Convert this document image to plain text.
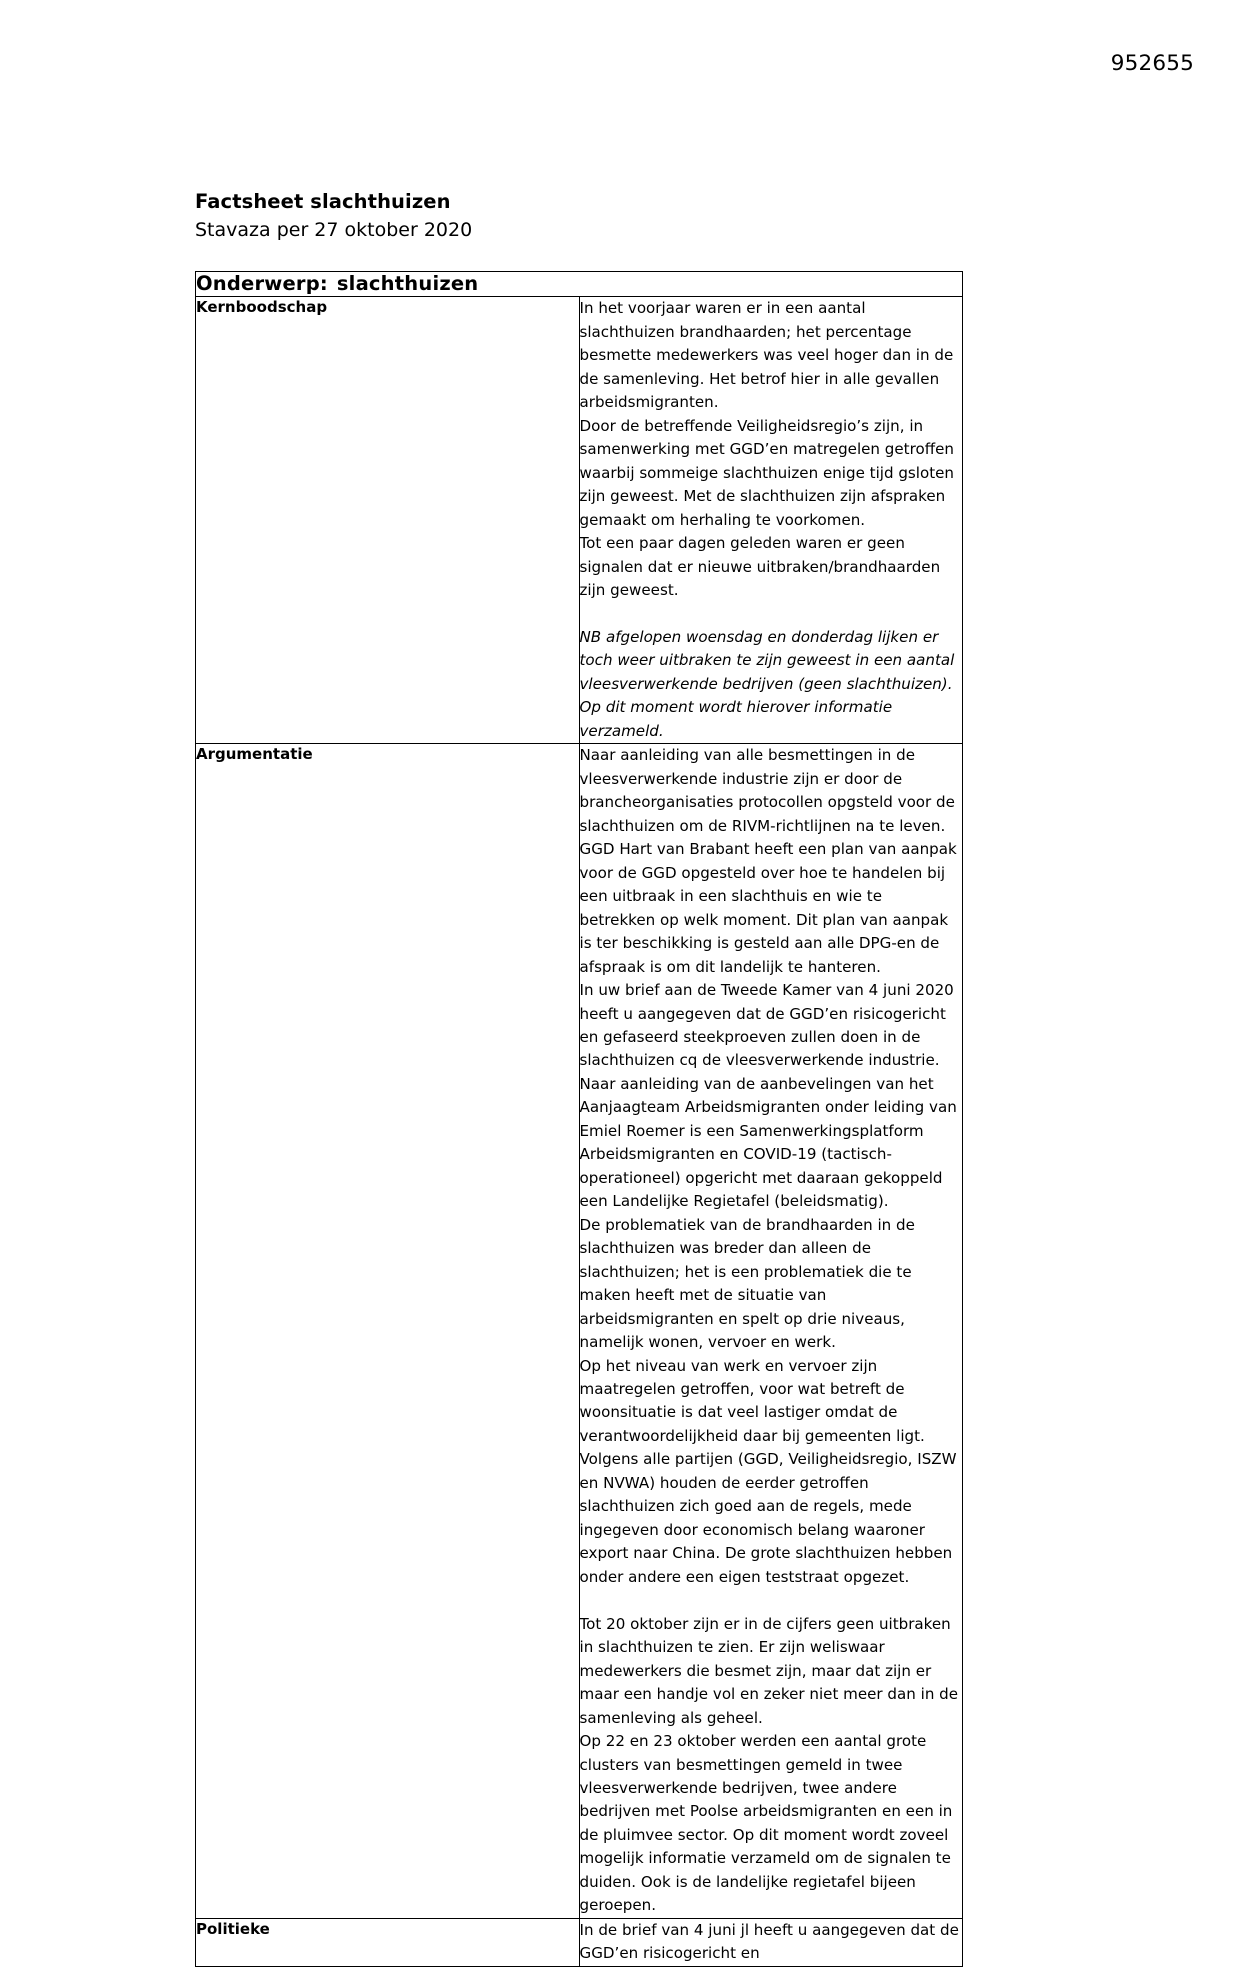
952655
Factsheet slachthuizen
Stavaza per 27 oktober 2020
Onderwerp: slachthuizen	
Kernboodschap	In het voorjaar waren er in een aantal slachthuizen brandhaarden; het percentage besmette medewerkers was veel hoger dan in de de samenleving. Het betrof hier in alle gevallen arbeidsmigranten.

Door de betreffende Veiligheidsregio’s zijn, in samenwerking met GGD’en matregelen getroffen waarbij sommeige slachthuizen enige tijd gsloten zijn geweest. Met de slachthuizen zijn afspraken gemaakt om herhaling te voorkomen.

Tot een paar dagen geleden waren er geen signalen dat er nieuwe uitbraken/brandhaarden zijn geweest.

NB afgelopen woensdag en donderdag lijken er toch weer uitbraken te zijn geweest in een aantal vleesverwerkende bedrijven (geen slachthuizen). Op dit moment wordt hierover informatie verzameld.

Argumentatie	Naar aanleiding van alle besmettingen in de vleesverwerkende industrie zijn er door de brancheorganisaties protocollen opgsteld voor de slachthuizen om de RIVM-richtlijnen na te leven.

GGD Hart van Brabant heeft een plan van aanpak voor de GGD opgesteld over hoe te handelen bij een uitbraak in een slachthuis en wie te betrekken op welk moment. Dit plan van aanpak is ter beschikking is gesteld aan alle DPG-en de afspraak is om dit landelijk te hanteren.

In uw brief aan de Tweede Kamer van 4 juni 2020 heeft u aangegeven dat de GGD’en risicogericht en gefaseerd steekproeven zullen doen in de slachthuizen cq de vleesverwerkende industrie.

Naar aanleiding van de aanbevelingen van het Aanjaagteam Arbeidsmigranten onder leiding van Emiel Roemer is een Samenwerkingsplatform Arbeidsmigranten en COVID-19 (tactisch-operationeel) opgericht met daaraan gekoppeld een Landelijke Regietafel (beleidsmatig).

De problematiek van de brandhaarden in de slachthuizen was breder dan alleen de slachthuizen; het is een problematiek die te maken heeft met de situatie van arbeidsmigranten en spelt op drie niveaus, namelijk wonen, vervoer en werk.

Op het niveau van werk en vervoer zijn maatregelen getroffen, voor wat betreft de woonsituatie is dat veel lastiger omdat de verantwoordelijkheid daar bij gemeenten ligt.

Volgens alle partijen (GGD, Veiligheidsregio, ISZW en NVWA) houden de eerder getroffen slachthuizen zich goed aan de regels, mede ingegeven door economisch belang waaroner export naar China. De grote slachthuizen hebben onder andere een eigen teststraat opgezet.

Tot 20 oktober zijn er in de cijfers geen uitbraken in slachthuizen te zien. Er zijn weliswaar medewerkers die besmet zijn, maar dat zijn er maar een handje vol en zeker niet meer dan in de samenleving als geheel.

Op 22 en 23 oktober werden een aantal grote clusters van besmettingen gemeld in twee vleesverwerkende bedrijven, twee andere bedrijven met Poolse arbeidsmigranten en een in de pluimvee sector. Op dit moment wordt zoveel mogelijk informatie verzameld om de signalen te duiden. Ook is de landelijke regietafel bijeen geroepen.

Politieke	In de brief van 4 juni jl heeft u aangegeven dat de GGD’en risicogericht en
